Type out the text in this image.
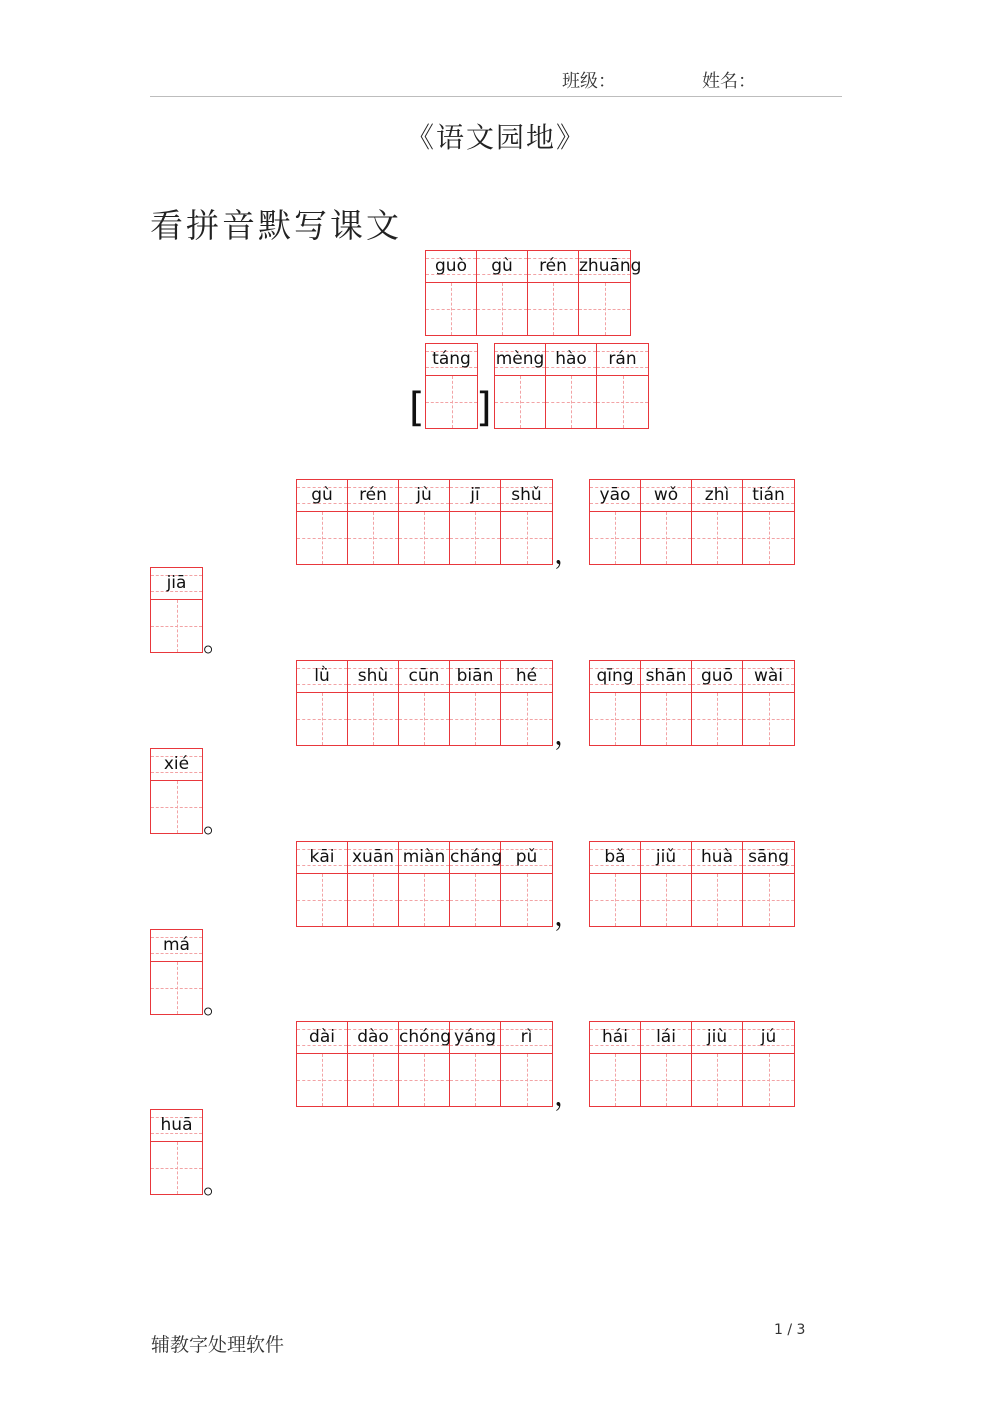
班级：	姓名：
《语文园地》
看拼音默写课文
guò	gù	rén zhuāng
[
táng
]
mèng hào	rán
gù	rén	jù	jī	shǔ
，
yāo	wǒ	zhì	tián
jiā
。
lǜ	shù	cūn	biān	hé
，
qīng shān guō	wài
xié
。
kāi	xuān miàn cháng pǔ
，
bǎ	jiǔ	huà sāng
má
。
dài	dào chóng yáng	rì
，
hái	lái	jiù	jú
huā
。
辅教字处理软件
1 / 3
